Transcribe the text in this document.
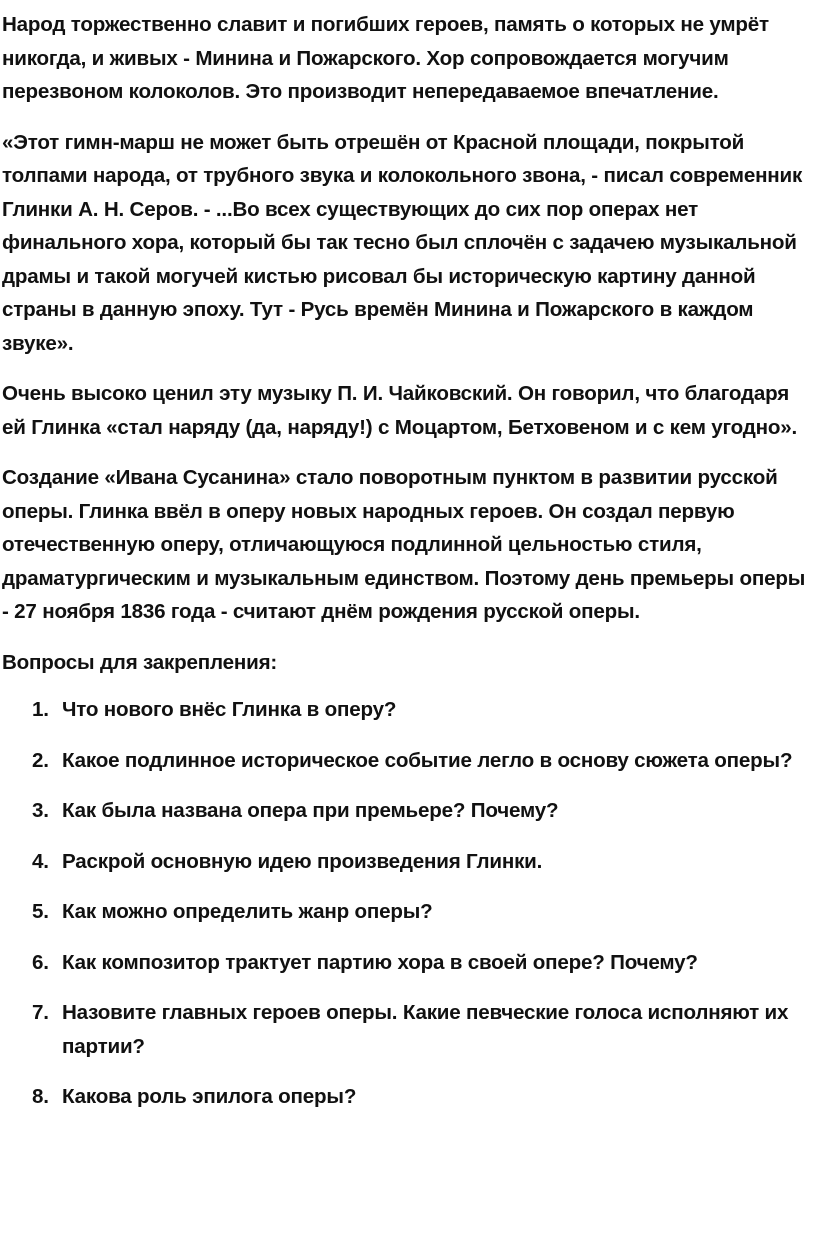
Народ торжественно славит и погибших героев, память о которых не умрёт никогда, и живых - Минина и Пожарского. Хор сопровождается могучим перезвоном колоколов. Это производит непередаваемое впечатление.

«Этот гимн-марш не может быть отрешён от Красной площади, покрытой толпами народа, от трубного звука и колокольного звона, - писал современник Глинки А. Н. Серов. - ...Во всех существующих до сих пор операх нет финального хора, который бы так тесно был сплочён с задачею музыкальной драмы и такой могучей кистью рисовал бы историческую картину данной страны в данную эпоху. Тут - Русь времён Минина и Пожарского в каждом звуке».

Очень высоко ценил эту музыку П. И. Чайковский. Он говорил, что благодаря ей Глинка «стал наряду (да, наряду!) с Моцартом, Бетховеном и с кем угодно».

Создание «Ивана Сусанина» стало поворотным пунктом в развитии русской оперы. Глинка ввёл в оперу новых народных героев. Он создал первую отечественную оперу, отличающуюся подлинной цельностью стиля, драматургическим и музыкальным единством. Поэтому день премьеры оперы - 27 ноября 1836 года - считают днём рождения русской оперы.

Вопросы для закрепления:

1. Что нового внёс Глинка в оперу?
2. Какое подлинное историческое событие легло в основу сюжета оперы?
3. Как была названа опера при премьере? Почему?
4. Раскрой основную идею произведения Глинки.
5. Как можно определить жанр оперы?
6. Как композитор трактует партию хора в своей опере? Почему?
7. Назовите главных героев оперы. Какие певческие голоса исполняют их партии?
8. Какова роль эпилога оперы?
